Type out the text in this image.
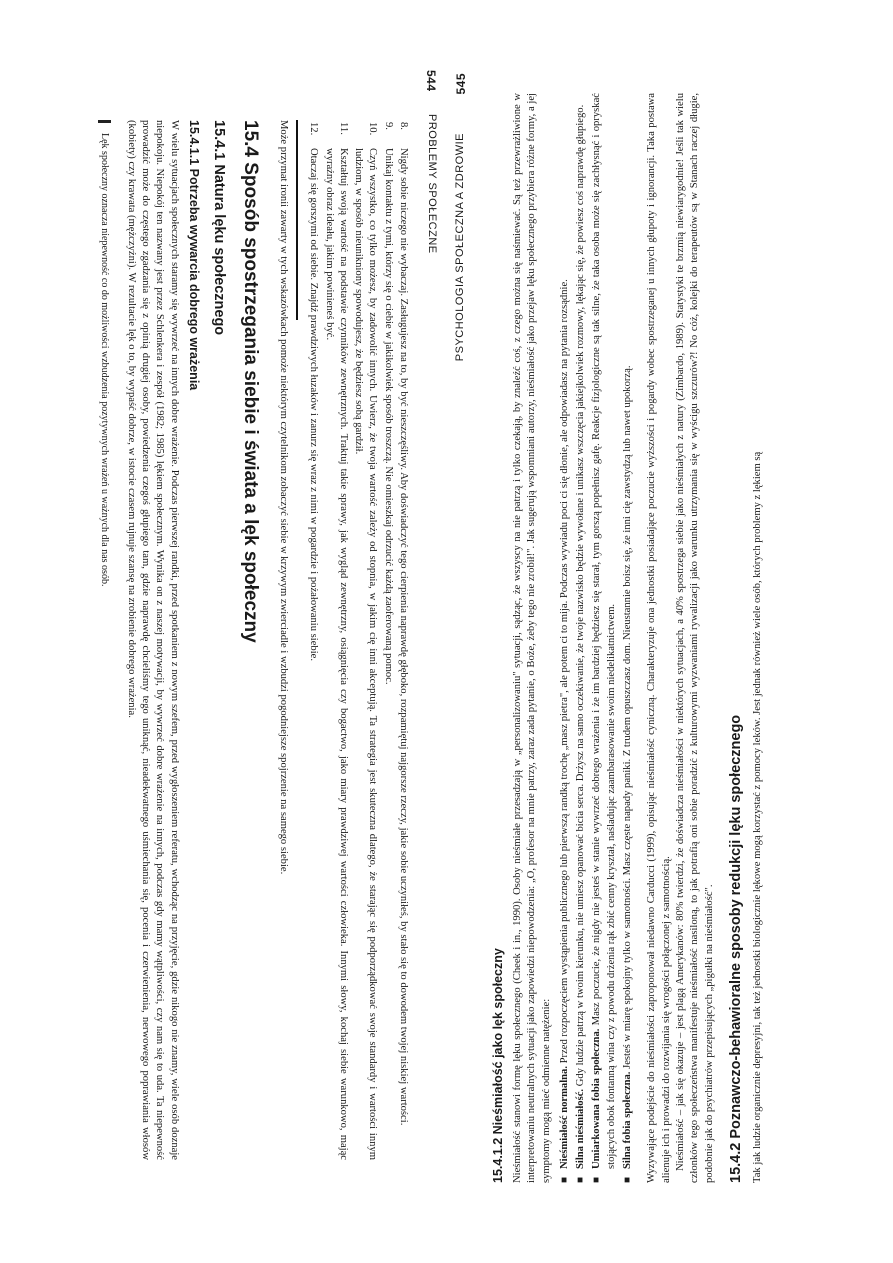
544
PROBLEMY SPOŁECZNE
8.
Nigdy sobie niczego nie wybaczaj. Zasługujesz na to, by być nieszczęśliwy. Aby doświadczyć tego cierpienia naprawdę głęboko, rozpamiętuj najgorsze rzeczy, jakie sobie uczyniłeś, by stało się to dowodem twojej niskiej wartości.
9.
Unikaj kontaktu z tymi, którzy się o ciebie w jakikolwiek sposób troszczą. Nie omieszkaj odrzucić każdą zaoferowaną pomoc.
10.
Czyń wszystko, co tylko możesz, by zadowolić innych. Uwierz, że twoja wartość zależy od stopnia, w jakim cię inni akceptują. Ta strategia jest skuteczna dlatego, że starając się podporządkować swoje standardy i wartości innym ludziom, w sposób nieunikniony spowodujesz, że będziesz sobą gardził.
11.
Kształtuj swoją wartość na podstawie czynników zewnętrznych. Traktuj takie sprawy, jak wygląd zewnętrzny, osiągnięcia czy bogactwo, jako miary prawdziwej wartości człowieka. Innymi słowy, kochaj siebie warunkowo, mając wyraźny obraz ideału, jakim powinieneś być.
12.
Otaczaj się gorszymi od siebie. Znajdź prawdziwych łuzaków i zanurz się wraz z nimi w pogardzie i pożałowaniu siebie.

Może przymat ironii zawarty w tych wskazówkach pomoże niektórym czytelnikom zobaczyć siebie w krzywym zwierciadle i wzbudzi pogodniejsze spojrzenie na samego siebie.

15.4 Sposób spostrzegania siebie i świata a lęk społeczny
15.4.1 Natura lęku społecznego
15.4.1.1 Potrzeba wywarcia dobrego wrażenia

W wielu sytuacjach społecznych staramy się wywrzeć na innych dobre wrażenie. Podczas pierwszej randki, przed spotkaniem z nowym szefem, przed wygłoszeniem referatu, wchodząc na przyjęcie, gdzie nikogo nie znamy, wiele osób doznaje niepokoju. Niepokój ten nazwany jest przez Schlenkera i zespół (1982; 1985) lękiem społecznym. Wynika on z naszej motywacji, by wywrzeć dobre wrażenie na innych, podczas gdy mamy wątpliwości, czy nam się to uda. Ta niepewność prowadzić może do częstego zgadzania się z opinią drugiej osoby, powiedzenia czegoś głupiego tam, gdzie naprawdę chcieliśmy tego uniknąć, nieadekwatnego uśmiechania się, pocenia i czerwienienia, nerwowego poprawiania włosów (kobiety) czy krawata (mężczyźni). W rezultacie lęk o to, by wypaść dobrze, w istocie czasem rujnuje szansę na zrobienie dobrego wrażenia.

Lęk społeczny oznacza niepewność co do możliwości wzbudzenia pozytywnych wrażeń u ważnych dla nas osób.	PSYCHOLOGIA SPOŁECZNA A ZDROWIE
545
15.4.1.2 Nieśmiałość jako lęk społeczny Nieśmiałość stanowi formę lęku społecznego (Cheek i in., 1990). Osoby nieśmiałe przesadzają w „personalizowaniu" sytuacji, sądząc, że wszyscy na nie patrzą i tylko czekają, by znaleźć coś, z czego można się naśmiewać. Są też przewrażliwione w interpretowaniu neutralnych sytuacji jako zapowiedzi niepowodzenia: „O, profesor na mnie patrzy, zaraz zada pytanie, o Boże, żeby tego nie zrobił!". Jak sugerują wspomniani autorzy, nieśmiałość jako przejaw lęku społecznego przybiera różne formy, a jej symptomy mogą mieć odmienne natężenie: ■ Nieśmiałość normalna. Przed rozpoczęciem wystąpienia publicznego lub pierwszą randką trochę „masz pietra", ale potem ci to mija. Podczas wywiadu poci ci się dłonie, ale odpowiadasz na pytania rozsądnie.
■ Silna nieśmiałość. Gdy ludzie patrzą w twoim kierunku, nie umiesz opanować bicia serca. Drżysz na samo oczekiwanie, że twoje nazwisko będzie wywołane i unikasz wszczęcia jakiejkolwiek rozmowy, lękając się, że powiesz coś naprawdę głupiego.
■ Umiarkowana fobia społeczna. Masz poczucie, że nigdy nie jesteś w stanie wywrzeć dobrego wrażenia i że im bardziej będziesz się starał, tym gorszą popełnisz gafę. Reakcje fizjologiczne są tak silne, że taka osoba może się zachłysnąć i opryskać stojących obok fontanną wina czy z powodu drżenia rąk zbić cenny kryształ, naśladując zaambarasowanie swoim niedelikatnictwem. ■ Silna fobia społeczna. Jesteś w miarę spokojny tylko w samotności. Masz częste napady paniki. Z trudem opuszczasz dom. Nieustannie boisz się, że inni cię zawstydzą lub nawet upokorzą. Wyzywające podejście do nieśmiałości zaproponował niedawno Carducci (1999), opisując nieśmiałość cyniczną. Charakteryzuje ona jednostki posiadające poczucie wyższości i pogardy wobec spostrzeganej u innych głupoty i ignorancji. Taka postawa alienuje ich i prowadzi do rozwijania się wrogości połączonej z samotnością. Nieśmiałość – jak się okazuje – jest plagą Amerykanów: 80% twierdzi, że doświadcza nieśmiałości w niektórych sytuacjach, a 40% spostrzega siebie jako nieśmiałych z natury (Zimbardo, 1989). Statystyki te brzmią niewiarygodnie! Jeśli tak wielu członków tego społeczeństwa manifestuje nieśmiałość nasiloną, to jak potrafią oni sobie poradzić z kulturowymi wyzwaniami rywalizacji jako warunku utrzymania się w wyścigu szczurów?! No cóż, kolejki do terapeutów są w Stanach raczej długie, podobnie jak do psychiatrów przepisujących „pigułki na nieśmiałość". 15.4.2 Poznawczo-behawioralne sposoby redukcji lęku społecznego Tak jak ludzie organicznie depresyjni, tak też jednostki biologicznie lękowe mogą korzystać z pomocy leków. Jest jednak również wiele osób, których problemy z lękiem są
